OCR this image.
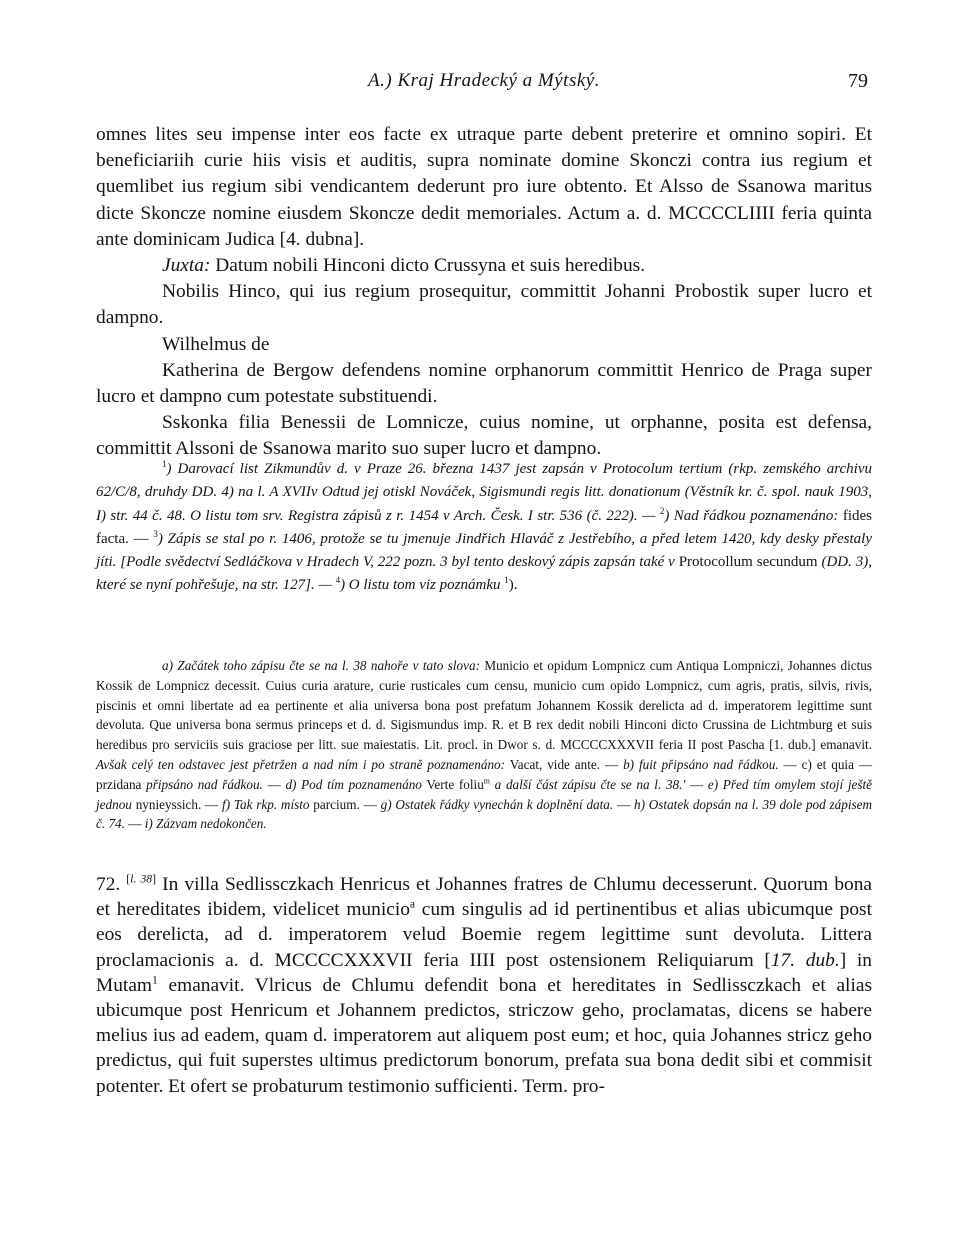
A.) Kraj Hradecký a Mýtský.	79

omnes lites seu impense inter eos facte ex utraque parte debent preterire et omnino sopiri. Et beneficiariih curie hiis visis et auditis, supra nominate domine Skonczi contra ius regium et quemlibet ius regium sibi vendicantem dederunt pro iure obtento. Et Alsso de Ssanowa maritus dicte Skoncze nomine eiusdem Skoncze dedit memoriales. Actum a. d. MCCCCLIIII feria quinta ante dominicam Judica [4. dubna].

Juxta: Datum nobili Hinconi dicto Crussyna et suis heredibus.

Nobilis Hinco, qui ius regium prosequitur, committit Johanni Probostik super lucro et dampno.

Wilhelmus de

Katherina de Bergow defendens nomine orphanorum committit Henrico de Praga super lucro et dampno cum potestate substituendi.

Sskonka filia Benessii de Lomnicze, cuius nomine, ut orphanne, posita est defensa, committit Alssoni de Ssanowa marito suo super lucro et dampno.

$^1$) Darovací list Zikmundův d. v Praze 26. března 1437 jest zapsán v Protocolum tertium (rkp. zemského archivu 62/C/8, druhdy DD. 4) na l. A XVIIv Odtud jej otiskl Nováček, Sigismundi regis litt. donationum (Věstník kr. č. spol. nauk 1903, I) str. 44 č. 48. O listu tom srv. Registra zápisů z r. 1454 v Arch. Česk. I str. 536 (č. 222). — $^2$) Nad řádkou poznamenáno: fides facta. — $^3$) Zápis se stal po r. 1406, protože se tu jmenuje Jindřich Hlaváč z Jestřebího, a před letem 1420, kdy desky přestaly jíti. [Podle svědectví Sedláčkova v Hradech V, 222 pozn. 3 byl tento deskový zápis zapsán také v Protocollum secundum (DD. 3), které se nyní pohřešuje, na str. 127]. — $^4$) O listu tom viz poznámku $^1$).

a) Začátek toho zápisu čte se na l. 38 nahoře v tato slova: Municio et opidum Lompnicz cum Antiqua Lompniczi, Johannes dictus Kossik de Lompnicz decessit. Cuius curia arature, curie rusticales cum censu, municio cum opido Lompnicz, cum agris, pratis, silvis, rivis, piscinis et omni libertate ad ea pertinente et alia universa bona post prefatum Johannem Kossik derelicta ad d. imperatorem legittime sunt devoluta. Que universa bona sermus princeps et d. d. Sigismundus imp. R. et B rex dedit nobili Hinconi dicto Crussina de Lichtmburg et suis heredibus pro serviciis suis graciose per litt. sue maiestatis. Lit. procl. in Dwor s. d. MCCCCXXXVII feria II post Pascha [1. dub.] emanavit. Avšak celý ten odstavec jest přetržen a nad ním i po straně poznamenáno: Vacat, vide ante. — b) fuit připsáno nad řádkou. — c) et quia — przidana připsáno nad řádkou. — d) Pod tím poznamenáno Verte foliu$^m$ a další část zápisu čte se na l. 38.' — e) Před tím omylem stojí ještě jednou nynieyssich. — f) Tak rkp. místo parcium. — g) Ostatek řádky vynechán k doplnění data. — h) Ostatek dopsán na l. 39 dole pod zápisem č. 74. — i) Zázνam nedokončen.

72. [l. 38] In villa Sedlissczkach Henricus et Johannes fratres de Chlumu decesserunt. Quorum bona et hereditates ibidem, videlicet municio$^a$ cum singulis ad id pertinentibus et alias ubicumque post eos derelicta, ad d. imperatorem velud Boemie regem legittime sunt devoluta. Littera proclamacionis a. d. MCCCCXXXVII feria IIII post ostensionem Reliquiarum [17. dub.] in Mutam$^1$ emanavit. Vlricus de Chlumu defendit bona et hereditates in Sedlissczkach et alias ubicumque post Henricum et Johannem predictos, striczow geho, proclamatas, dicens se habere melius ius ad eadem, quam d. imperatorem aut aliquem post eum; et hoc, quia Johannes stricz geho predictus, qui fuit superstes ultimus predictorum bonorum, prefata sua bona dedit sibi et commisit potenter. Et ofert se probaturum testimonio sufficienti. Term. pro-
